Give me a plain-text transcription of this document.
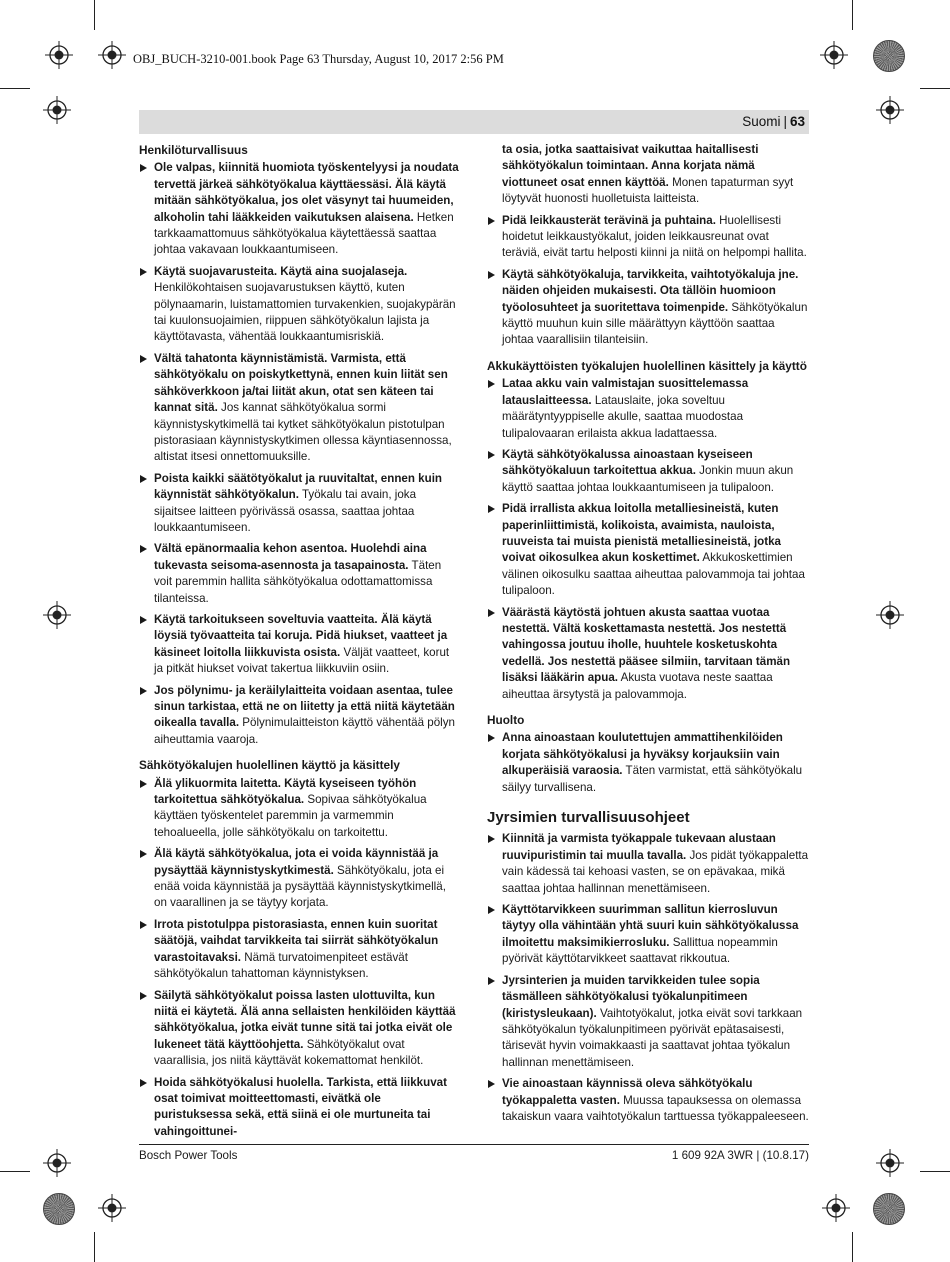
OBJ_BUCH-3210-001.book Page 63 Thursday, August 10, 2017 2:56 PM
Suomi | 63
Henkilöturvallisuus
Ole valpas, kiinnitä huomiota työskentelyysi ja noudata tervettä järkeä sähkötyökalua käyttäessäsi. Älä käytä mitään sähkötyökalua, jos olet väsynyt tai huumeiden, alkoholin tahi lääkkeiden vaikutuksen alaisena. Hetken tarkkaamattomuus sähkötyökalua käytettäessä saattaa johtaa vakavaan loukkaantumiseen.
Käytä suojavarusteita. Käytä aina suojalaseja. Henkilökohtaisen suojavarustuksen käyttö, kuten pölynaamarin, luistamattomien turvakenkien, suojakypärän tai kuulonsuojaimien, riippuen sähkötyökalun lajista ja käyttötavasta, vähentää loukkaantumisriskiä.
Vältä tahatonta käynnistämistä. Varmista, että sähkötyökalu on poiskytkettynä, ennen kuin liität sen sähköverkkoon ja/tai liität akun, otat sen käteen tai kannat sitä. Jos kannat sähkötyökalua sormi käynnistyskytkimellä tai kytket sähkötyökalun pistotulpan pistorasiaan käynnistyskytkimen ollessa käyntiasennossa, altistat itsesi onnettomuuksille.
Poista kaikki säätötyökalut ja ruuvitaltat, ennen kuin käynnistät sähkötyökalun. Työkalu tai avain, joka sijaitsee laitteen pyörivässä osassa, saattaa johtaa loukkaantumiseen.
Vältä epänormaalia kehon asentoa. Huolehdi aina tukevasta seisoma-asennosta ja tasapainosta. Täten voit paremmin hallita sähkötyökalua odottamattomissa tilanteissa.
Käytä tarkoitukseen soveltuvia vaatteita. Älä käytä löysiä työvaatteita tai koruja. Pidä hiukset, vaatteet ja käsineet loitolla liikkuvista osista. Väljät vaatteet, korut ja pitkät hiukset voivat takertua liikkuviin osiin.
Jos pölynimu- ja keräilylaitteita voidaan asentaa, tulee sinun tarkistaa, että ne on liitetty ja että niitä käytetään oikealla tavalla. Pölynimulaitteiston käyttö vähentää pölyn aiheuttamia vaaroja.
Sähkötyökalujen huolellinen käyttö ja käsittely
Älä ylikuormita laitetta. Käytä kyseiseen työhön tarkoitettua sähkötyökalua. Sopivaa sähkötyökalua käyttäen työskentelet paremmin ja varmemmin tehoalueella, jolle sähkötyökalu on tarkoitettu.
Älä käytä sähkötyökalua, jota ei voida käynnistää ja pysäyttää käynnistyskytkimestä. Sähkötyökalu, jota ei enää voida käynnistää ja pysäyttää käynnistyskytkimellä, on vaarallinen ja se täytyy korjata.
Irrota pistotulppa pistorasiasta, ennen kuin suoritat säätöjä, vaihdat tarvikkeita tai siirrät sähkötyökalun varastoitavaksi. Nämä turvatoimenpiteet estävät sähkötyökalun tahattoman käynnistyksen.
Säilytä sähkötyökalut poissa lasten ulottuvilta, kun niitä ei käytetä. Älä anna sellaisten henkilöiden käyttää sähkötyökalua, jotka eivät tunne sitä tai jotka eivät ole lukeneet tätä käyttöohjetta. Sähkötyökalut ovat vaarallisia, jos niitä käyttävät kokemattomat henkilöt.
Hoida sähkötyökalusi huolella. Tarkista, että liikkuvat osat toimivat moitteettomasti, eivätkä ole puristuksessa sekä, että siinä ei ole murtuneita tai vahingoittunei-
ta osia, jotka saattaisivat vaikuttaa haitallisesti sähkötyökalun toimintaan. Anna korjata nämä viottuneet osat ennen käyttöä. Monen tapaturman syyt löytyvät huonosti huolletuista laitteista.
Pidä leikkausterät terävinä ja puhtaina. Huolellisesti hoidetut leikkaustyökalut, joiden leikkausreunat ovat teräviä, eivät tartu helposti kiinni ja niitä on helpompi hallita.
Käytä sähkötyökaluja, tarvikkeita, vaihtotyökaluja jne. näiden ohjeiden mukaisesti. Ota tällöin huomioon työolosuhteet ja suoritettava toimenpide. Sähkötyökalun käyttö muuhun kuin sille määrättyyn käyttöön saattaa johtaa vaarallisiin tilanteisiin.
Akkukäyttöisten työkalujen huolellinen käsittely ja käyttö
Lataa akku vain valmistajan suosittelemassa latauslaitteessa. Latauslaite, joka soveltuu määrätyntyyppiselle akulle, saattaa muodostaa tulipalovaaran erilaista akkua ladattaessa.
Käytä sähkötyökalussa ainoastaan kyseiseen sähkötyökaluun tarkoitettua akkua. Jonkin muun akun käyttö saattaa johtaa loukkaantumiseen ja tulipaloon.
Pidä irrallista akkua loitolla metalliesineistä, kuten paperinliittimistä, kolikoista, avaimista, nauloista, ruuveista tai muista pienistä metalliesineistä, jotka voivat oikosulkea akun koskettimet. Akkukoskettimien välinen oikosulku saattaa aiheuttaa palovammoja tai johtaa tulipaloon.
Väärästä käytöstä johtuen akusta saattaa vuotaa nestettä. Vältä koskettamasta nestettä. Jos nestettä vahingossa joutuu iholle, huuhtele kosketuskohta vedellä. Jos nestettä pääsee silmiin, tarvitaan tämän lisäksi lääkärin apua. Akusta vuotava neste saattaa aiheuttaa ärsytystä ja palovammoja.
Huolto
Anna ainoastaan koulutettujen ammattihenkilöiden korjata sähkötyökalusi ja hyväksy korjauksiin vain alkuperäisiä varaosia. Täten varmistat, että sähkötyökalu säilyy turvallisena.
Jyrsimien turvallisuusohjeet
Kiinnitä ja varmista työkappale tukevaan alustaan ruuvipuristimin tai muulla tavalla. Jos pidät työkappaletta vain kädessä tai kehoasi vasten, se on epävakaa, mikä saattaa johtaa hallinnan menettämiseen.
Käyttötarvikkeen suurimman sallitun kierrosluvun täytyy olla vähintään yhtä suuri kuin sähkötyökalussa ilmoitettu maksimikierrosluku. Sallittua nopeammin pyörivät käyttötarvikkeet saattavat rikkoutua.
Jyrsinterien ja muiden tarvikkeiden tulee sopia täsmälleen sähkötyökalusi työkalunpitimeen (kiristysleukaan). Vaihtotyökalut, jotka eivät sovi tarkkaan sähkötyökalun työkalunpitimeen pyörivät epätasaisesti, tärisevät hyvin voimakkaasti ja saattavat johtaa työkalun hallinnan menettämiseen.
Vie ainoastaan käynnissä oleva sähkötyökalu työkappaletta vasten. Muussa tapauksessa on olemassa takaiskun vaara vaihtotyökalun tarttuessa työkappaleeseen.
Bosch Power Tools	1 609 92A 3WR | (10.8.17)
